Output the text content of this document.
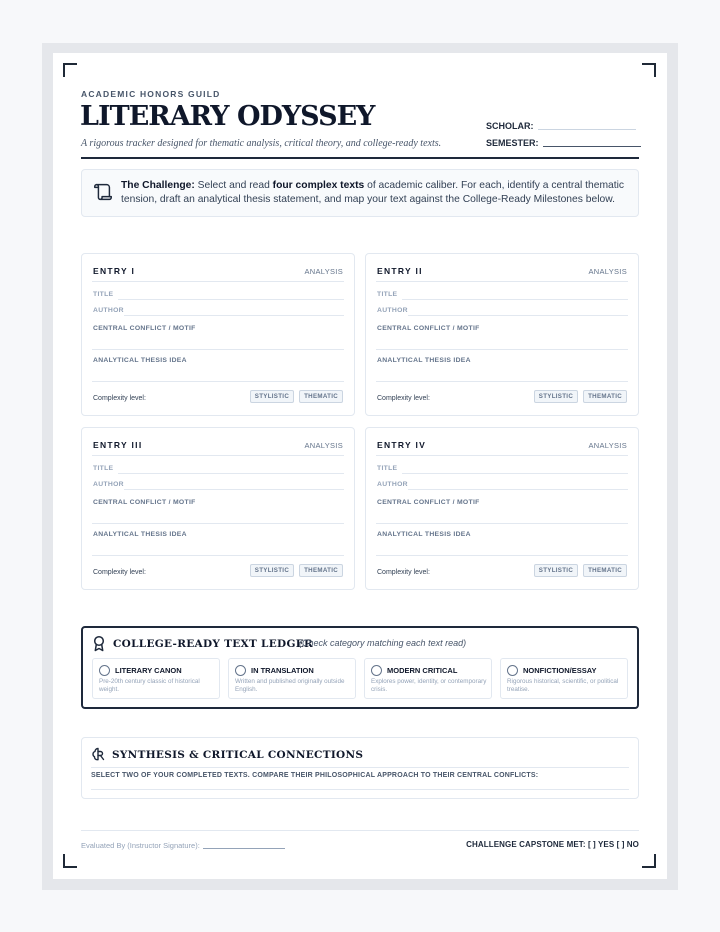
ACADEMIC HONORS GUILD
LITERARY ODYSSEY
A rigorous tracker designed for thematic analysis, critical theory, and college-ready texts.
SCHOLAR:
SEMESTER:
The Challenge: Select and read four complex texts of academic caliber. For each, identify a central thematic tension, draft an analytical thesis statement, and map your text against the College-Ready Milestones below.
ENTRY I	ANALYSIS
TITLE
AUTHOR
CENTRAL CONFLICT / MOTIF
ANALYTICAL THESIS IDEA
Complexity level:	STYLISTIC	THEMATIC
ENTRY II	ANALYSIS
TITLE
AUTHOR
CENTRAL CONFLICT / MOTIF
ANALYTICAL THESIS IDEA
Complexity level:	STYLISTIC	THEMATIC
ENTRY III	ANALYSIS
TITLE
AUTHOR
CENTRAL CONFLICT / MOTIF
ANALYTICAL THESIS IDEA
Complexity level:	STYLISTIC	THEMATIC
ENTRY IV	ANALYSIS
TITLE
AUTHOR
CENTRAL CONFLICT / MOTIF
ANALYTICAL THESIS IDEA
Complexity level:	STYLISTIC	THEMATIC
COLLEGE-READY TEXT LEDGER
(Check category matching each text read)
LITERARY CANON
Pre-20th century classic of historical weight.
IN TRANSLATION
Written and published originally outside English.
MODERN CRITICAL
Explores power, identity, or contemporary crisis.
NONFICTION/ESSAY
Rigorous historical, scientific, or political treatise.
SYNTHESIS & CRITICAL CONNECTIONS
SELECT TWO OF YOUR COMPLETED TEXTS. COMPARE THEIR PHILOSOPHICAL APPROACH TO THEIR CENTRAL CONFLICTS:
Evaluated By (Instructor Signature):	CHALLENGE CAPSTONE MET: [ ] YES [ ] NO
